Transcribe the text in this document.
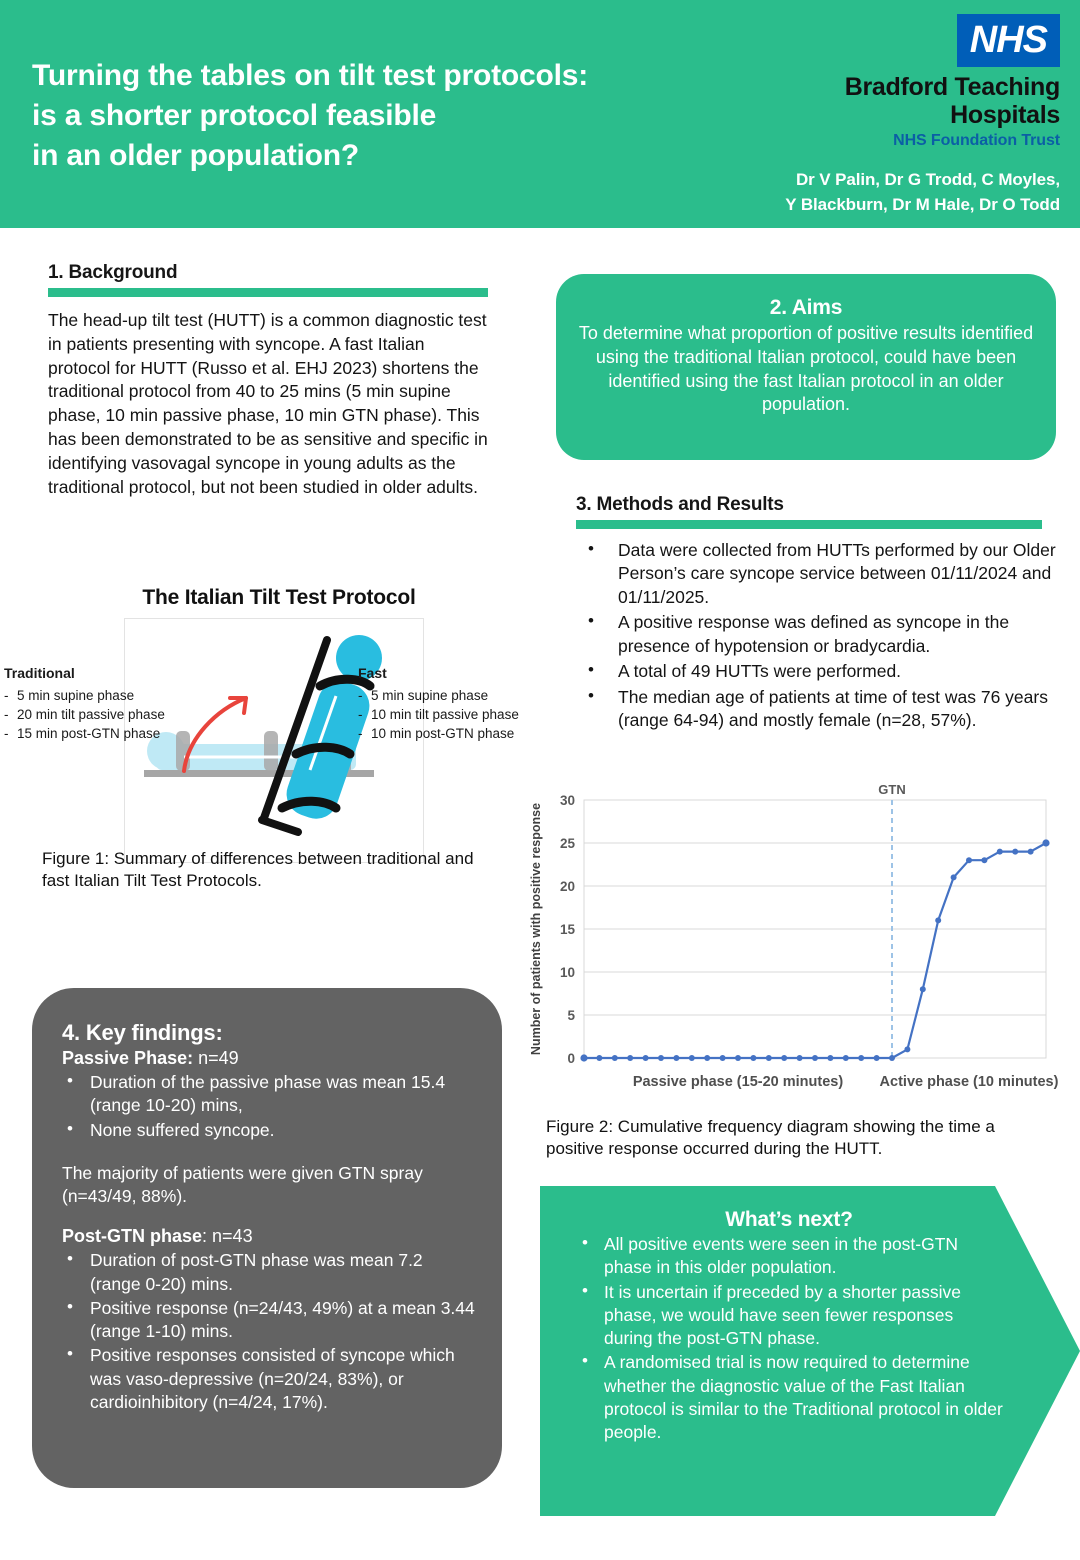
Turning the tables on tilt test protocols:
is a shorter protocol feasible
in an older population?
NHS
Bradford Teaching
Hospitals
NHS Foundation Trust
Dr V Palin, Dr G Trodd, C Moyles,
Y Blackburn, Dr M Hale, Dr O Todd
1. Background
The head-up tilt test (HUTT) is a common diagnostic test in patients presenting with syncope. A fast Italian protocol for HUTT (Russo et al. EHJ 2023) shortens the traditional protocol from 40 to 25 mins (5 min supine phase, 10 min passive phase, 10 min GTN phase). This has been demonstrated to be as sensitive and specific in identifying vasovagal syncope in young adults as the traditional protocol, but not been studied in older adults.
The Italian Tilt Test Protocol
Traditional
- 5 min supine phase
- 20 min tilt passive phase
- 15 min post-GTN phase
Fast
- 5 min supine phase
- 10 min tilt passive phase
- 10 min post-GTN phase
Figure 1: Summary of differences between traditional and fast Italian Tilt Test Protocols.
4. Key findings:
Passive Phase: n=49
• Duration of the passive phase was mean 15.4 (range 10-20) mins,
• None suffered syncope.
The majority of patients were given GTN spray (n=43/49, 88%).
Post-GTN phase: n=43
• Duration of post-GTN phase was mean 7.2 (range 0-20) mins.
• Positive response (n=24/43, 49%) at a mean 3.44 (range 1-10) mins.
• Positive responses consisted of syncope which was vaso-depressive (n=20/24, 83%), or cardioinhibitory (n=4/24, 17%).
2. Aims

To determine what proportion of positive results identified using the traditional Italian protocol, could have been identified using the fast Italian protocol in an older population.

3. Methods and Results
• Data were collected from HUTTs performed by our Older Person’s care syncope service between 01/11/2024 and 01/11/2025.
• A positive response was defined as syncope in the presence of hypotension or bradycardia.
• A total of 49 HUTTs were performed.
• The median age of patients at time of test was 76 years (range 64-94) and mostly female (n=28, 57%).
0
5
10
15
20
25
30
Number of patients with positive response
GTN
Passive phase (15-20 minutes)	Active phase (10 minutes)
Figure 2: Cumulative frequency diagram showing the time a positive response occurred during the HUTT.
What’s next?
• All positive events were seen in the post-GTN phase in this older population.
• It is uncertain if preceded by a shorter passive phase, we would have seen fewer responses during the post-GTN phase.
• A randomised trial is now required to determine whether the diagnostic value of the Fast Italian protocol is similar to the Traditional protocol in older people.
